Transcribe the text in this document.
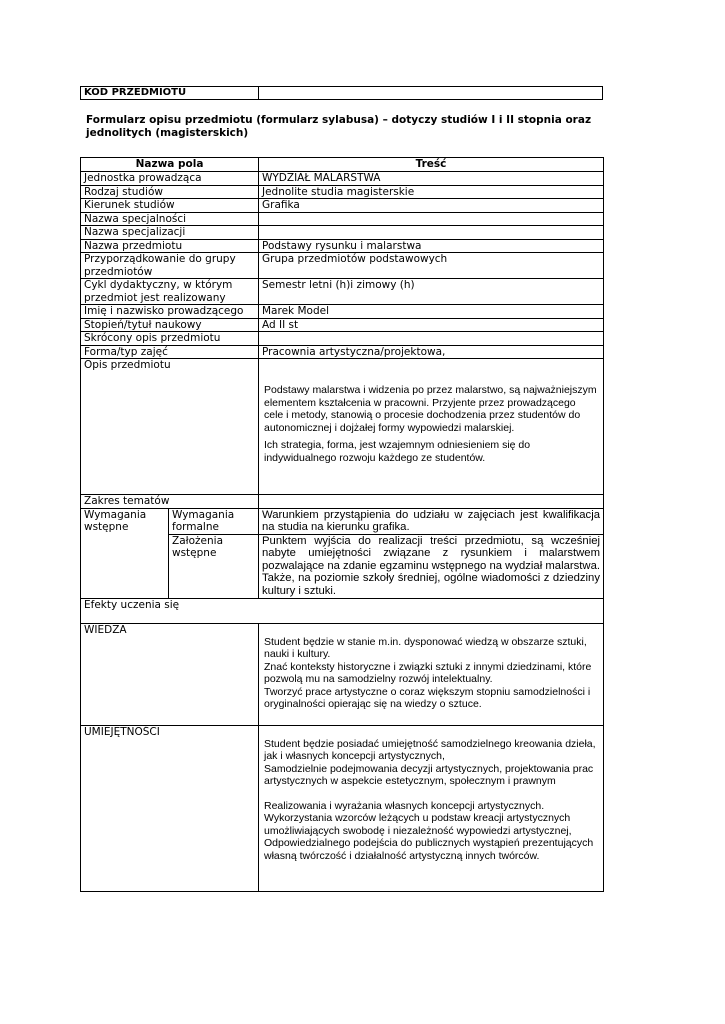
KOD PRZEDMIOTU	
Formularz opisu przedmiotu (formularz sylabusa) – dotyczy studiów I i II stopnia oraz jednolitych (magisterskich)
Nazwa pola		Treść
Jednostka prowadząca		WYDZIAŁ MALARSTWA
Rodzaj studiów		Jednolite studia magisterskie
Kierunek studiów		Grafika
Nazwa specjalności		
Nazwa specjalizacji		
Nazwa przedmiotu		Podstawy rysunku i malarstwa
Przyporządkowanie do grupy przedmiotów		Grupa przedmiotów podstawowych
Cykl dydaktyczny, w którym przedmiot jest realizowany		Semestr letni (h)i zimowy (h)
Imię i nazwisko prowadzącego		Marek Model
Stopień/tytuł naukowy		Ad II st
Skrócony opis przedmiotu		
Forma/typ zajęć		Pracownia artystyczna/projektowa,
Opis przedmiotu		Podstawy malarstwa i widzenia po przez malarstwo, są najważniejszym elementem kształcenia w pracowni. Przyjente przez prowadzącego cele i metody, stanowią o procesie dochodzenia przez studentów do autonomicznej i dojżałej formy wypowiedzi malarskiej.
Ich strategia, forma, jest wzajemnym odniesieniem się do indywidualnego rozwoju każdego ze studentów.

Zakres tematów		
Wymagania wstępne	Wymagania formalne	Warunkiem przystąpienia do udziału w zajęciach jest kwalifikacja na studia na kierunku grafika.
	Założenia wstępne	Punktem wyjścia do realizacji treści przedmiotu, są wcześniej nabyte umiejętności związane z rysunkiem i malarstwem pozwalające na zdanie egzaminu wstępnego na wydział malarstwa. Także, na poziomie szkoły średniej, ogólne wiadomości z dziedziny kultury i sztuki.
Efekty uczenia się		
WIEDZA		Student będzie w stanie m.in. dysponować wiedzą w obszarze sztuki, nauki i kultury.
Znać konteksty historyczne i związki sztuki z innymi dziedzinami, które pozwolą mu na samodzielny rozwój intelektualny.
Tworzyć prace artystyczne o coraz większym stopniu samodzielności i oryginalności opierając się na wiedzy o sztuce.

UMIEJĘTNOŚCI		Student będzie posiadać umiejętność samodzielnego kreowania dzieła, jak i własnych koncepcji artystycznych,
Samodzielnie podejmowania decyzji artystycznych, projektowania prac artystycznych w aspekcie estetycznym, społecznym i prawnym
Realizowania i wyrażania własnych koncepcji artystycznych.
Wykorzystania wzorców leżących u podstaw kreacji artystycznych umożliwiających swobodę i niezależność wypowiedzi artystycznej,
Odpowiedzialnego podejścia do publicznych wystąpień prezentujących własną twórczość i działalność artystyczną innych twórców.
